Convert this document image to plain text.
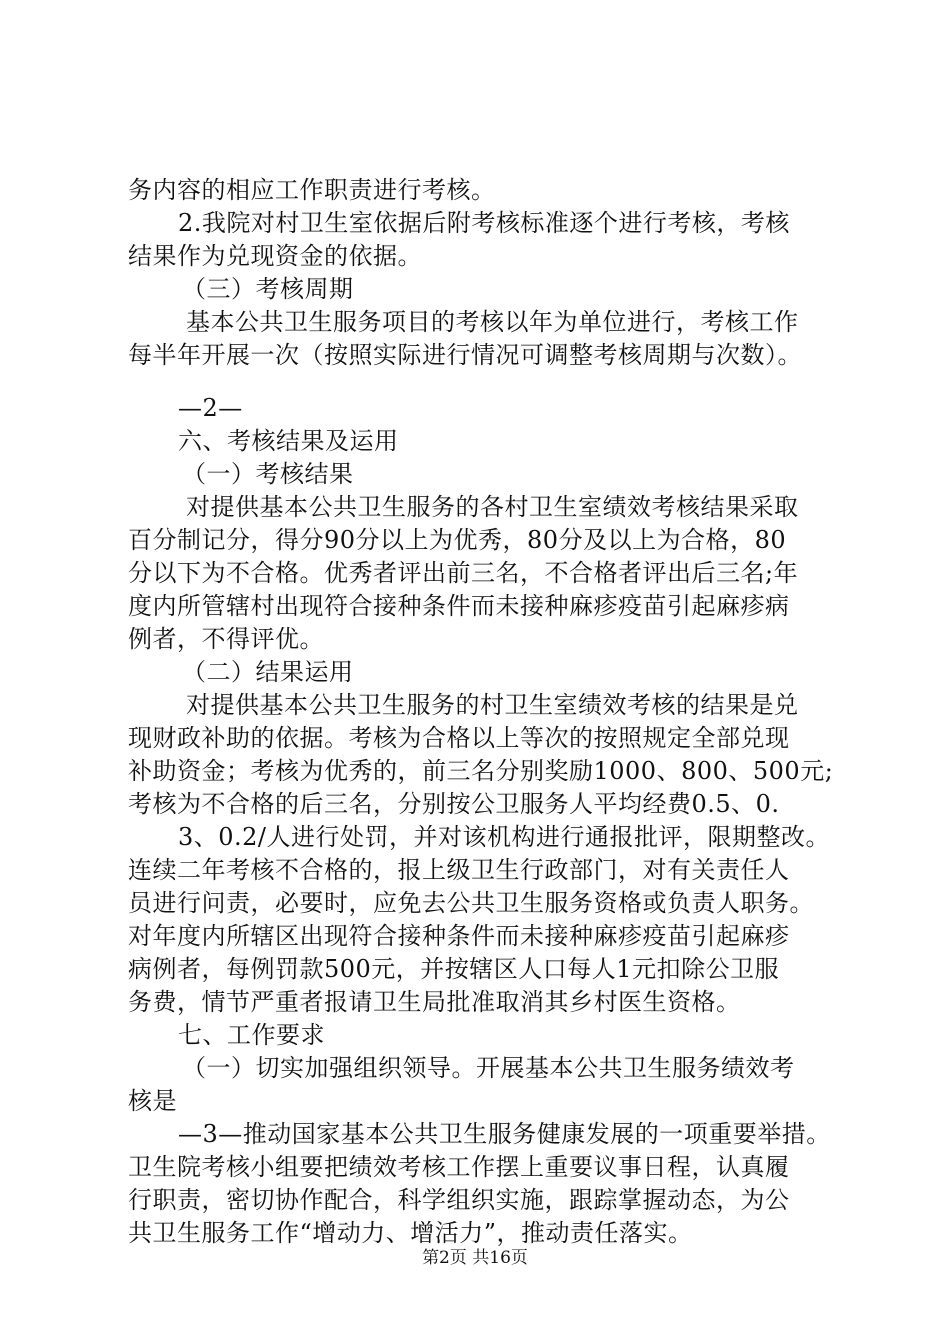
务内容的相应工作职责进行考核。
2.我院对村卫生室依据后附考核标准逐个进行考核，考核
结果作为兑现资金的依据。
（三）考核周期
基本公共卫生服务项目的考核以年为单位进行，考核工作
每半年开展一次（按照实际进行情况可调整考核周期与次数）。
—2—
六、考核结果及运用
（一）考核结果
对提供基本公共卫生服务的各村卫生室绩效考核结果采取
百分制记分，得分90分以上为优秀，80分及以上为合格，80
分以下为不合格。优秀者评出前三名，不合格者评出后三名;年
度内所管辖村出现符合接种条件而未接种麻疹疫苗引起麻疹病
例者，不得评优。
（二）结果运用
对提供基本公共卫生服务的村卫生室绩效考核的结果是兑
现财政补助的依据。考核为合格以上等次的按照规定全部兑现
补助资金；考核为优秀的，前三名分别奖励1000、800、500元;
考核为不合格的后三名，分别按公卫服务人平均经费0.5、0.
3、0.2/人进行处罚，并对该机构进行通报批评，限期整改。
连续二年考核不合格的，报上级卫生行政部门，对有关责任人
员进行问责，必要时，应免去公共卫生服务资格或负责人职务。
对年度内所辖区出现符合接种条件而未接种麻疹疫苗引起麻疹
病例者，每例罚款500元，并按辖区人口每人1元扣除公卫服
务费，情节严重者报请卫生局批准取消其乡村医生资格。
七、工作要求
（一）切实加强组织领导。开展基本公共卫生服务绩效考
核是
—3—推动国家基本公共卫生服务健康发展的一项重要举措。
卫生院考核小组要把绩效考核工作摆上重要议事日程，认真履
行职责，密切协作配合，科学组织实施，跟踪掌握动态，为公
共卫生服务工作“增动力、增活力”，推动责任落实。
第2页 共16页
